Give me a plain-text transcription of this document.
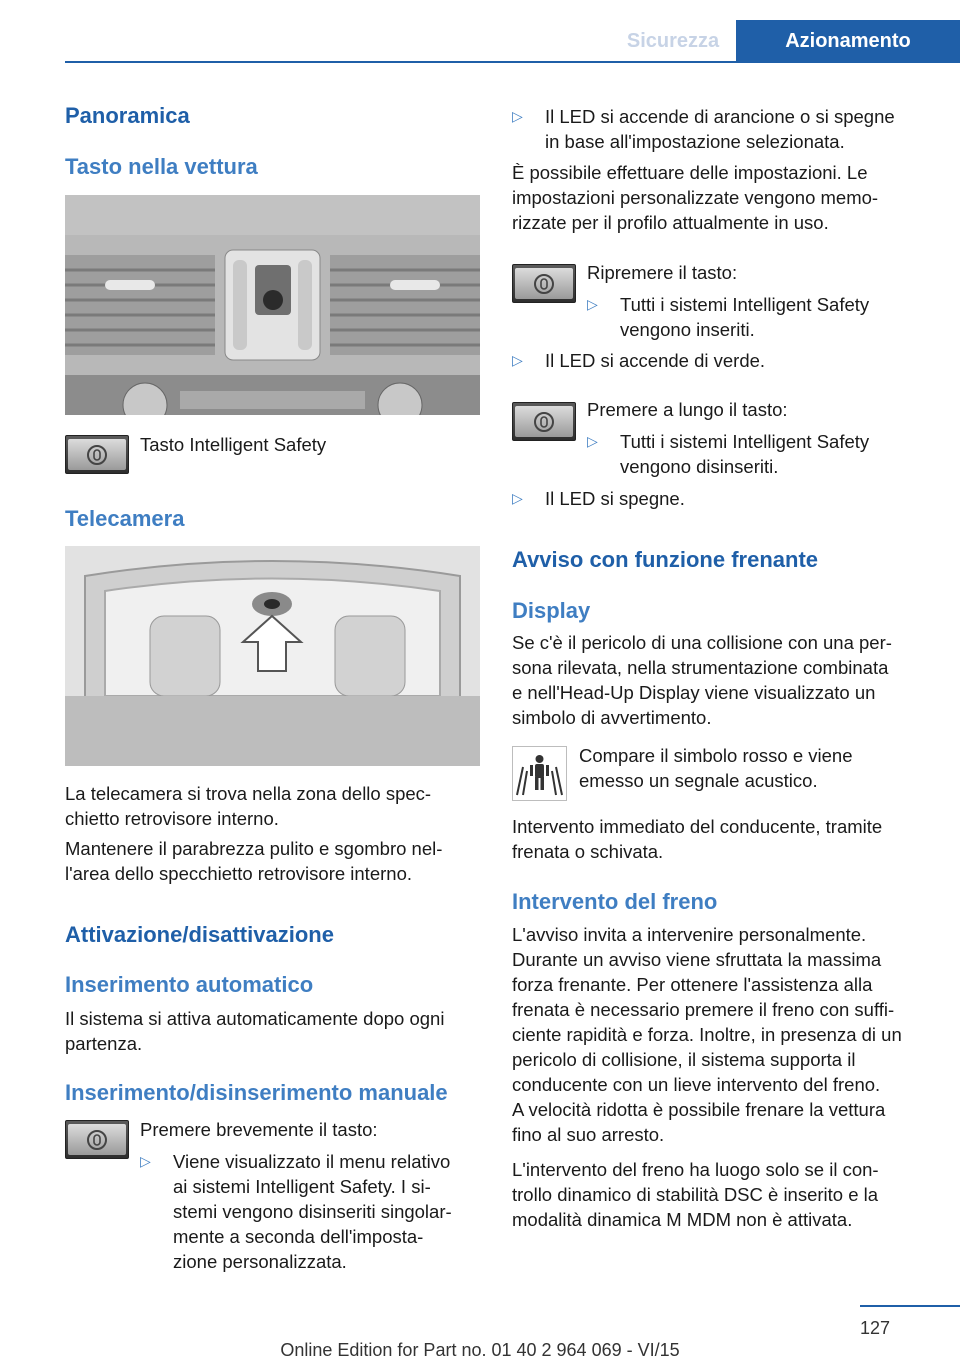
Sicurezza	Azionamento
Panoramica
Tasto nella vettura
Tasto Intelligent Safety
Telecamera
La telecamera si trova nella zona dello spec-
chietto retrovisore interno.
Mantenere il parabrezza pulito e sgombro nel-
l'area dello specchietto retrovisore interno.
Attivazione/disattivazione
Inserimento automatico
Il sistema si attiva automaticamente dopo ogni
partenza.
Inserimento/disinserimento manuale
Premere brevemente il tasto:
▷ Viene visualizzato il menu relativo
ai sistemi Intelligent Safety. I si-
stemi vengono disinseriti singolar-
mente a seconda dell'imposta-
zione personalizzata.
▷ Il LED si accende di arancione o si spegne
in base all'impostazione selezionata.
È possibile effettuare delle impostazioni. Le
impostazioni personalizzate vengono memo-
rizzate per il profilo attualmente in uso.
Ripremere il tasto:
▷ Tutti i sistemi Intelligent Safety
vengono inseriti.
▷ Il LED si accende di verde.
Premere a lungo il tasto:
▷ Tutti i sistemi Intelligent Safety
vengono disinseriti.
▷ Il LED si spegne.
Avviso con funzione frenante
Display
Se c'è il pericolo di una collisione con una per-
sona rilevata, nella strumentazione combinata
e nell'Head-Up Display viene visualizzato un
simbolo di avvertimento.
Compare il simbolo rosso e viene
emesso un segnale acustico.
Intervento immediato del conducente, tramite
frenata o schivata.
Intervento del freno
L'avviso invita a intervenire personalmente.
Durante un avviso viene sfruttata la massima
forza frenante. Per ottenere l'assistenza alla
frenata è necessario premere il freno con suffi-
ciente rapidità e forza. Inoltre, in presenza di un
pericolo di collisione, il sistema supporta il
conducente con un lieve intervento del freno.
A velocità ridotta è possibile frenare la vettura
fino al suo arresto.
L'intervento del freno ha luogo solo se il con-
trollo dinamico di stabilità DSC è inserito e la
modalità dinamica M MDM non è attivata.
127
Online Edition for Part no. 01 40 2 964 069 - VI/15
